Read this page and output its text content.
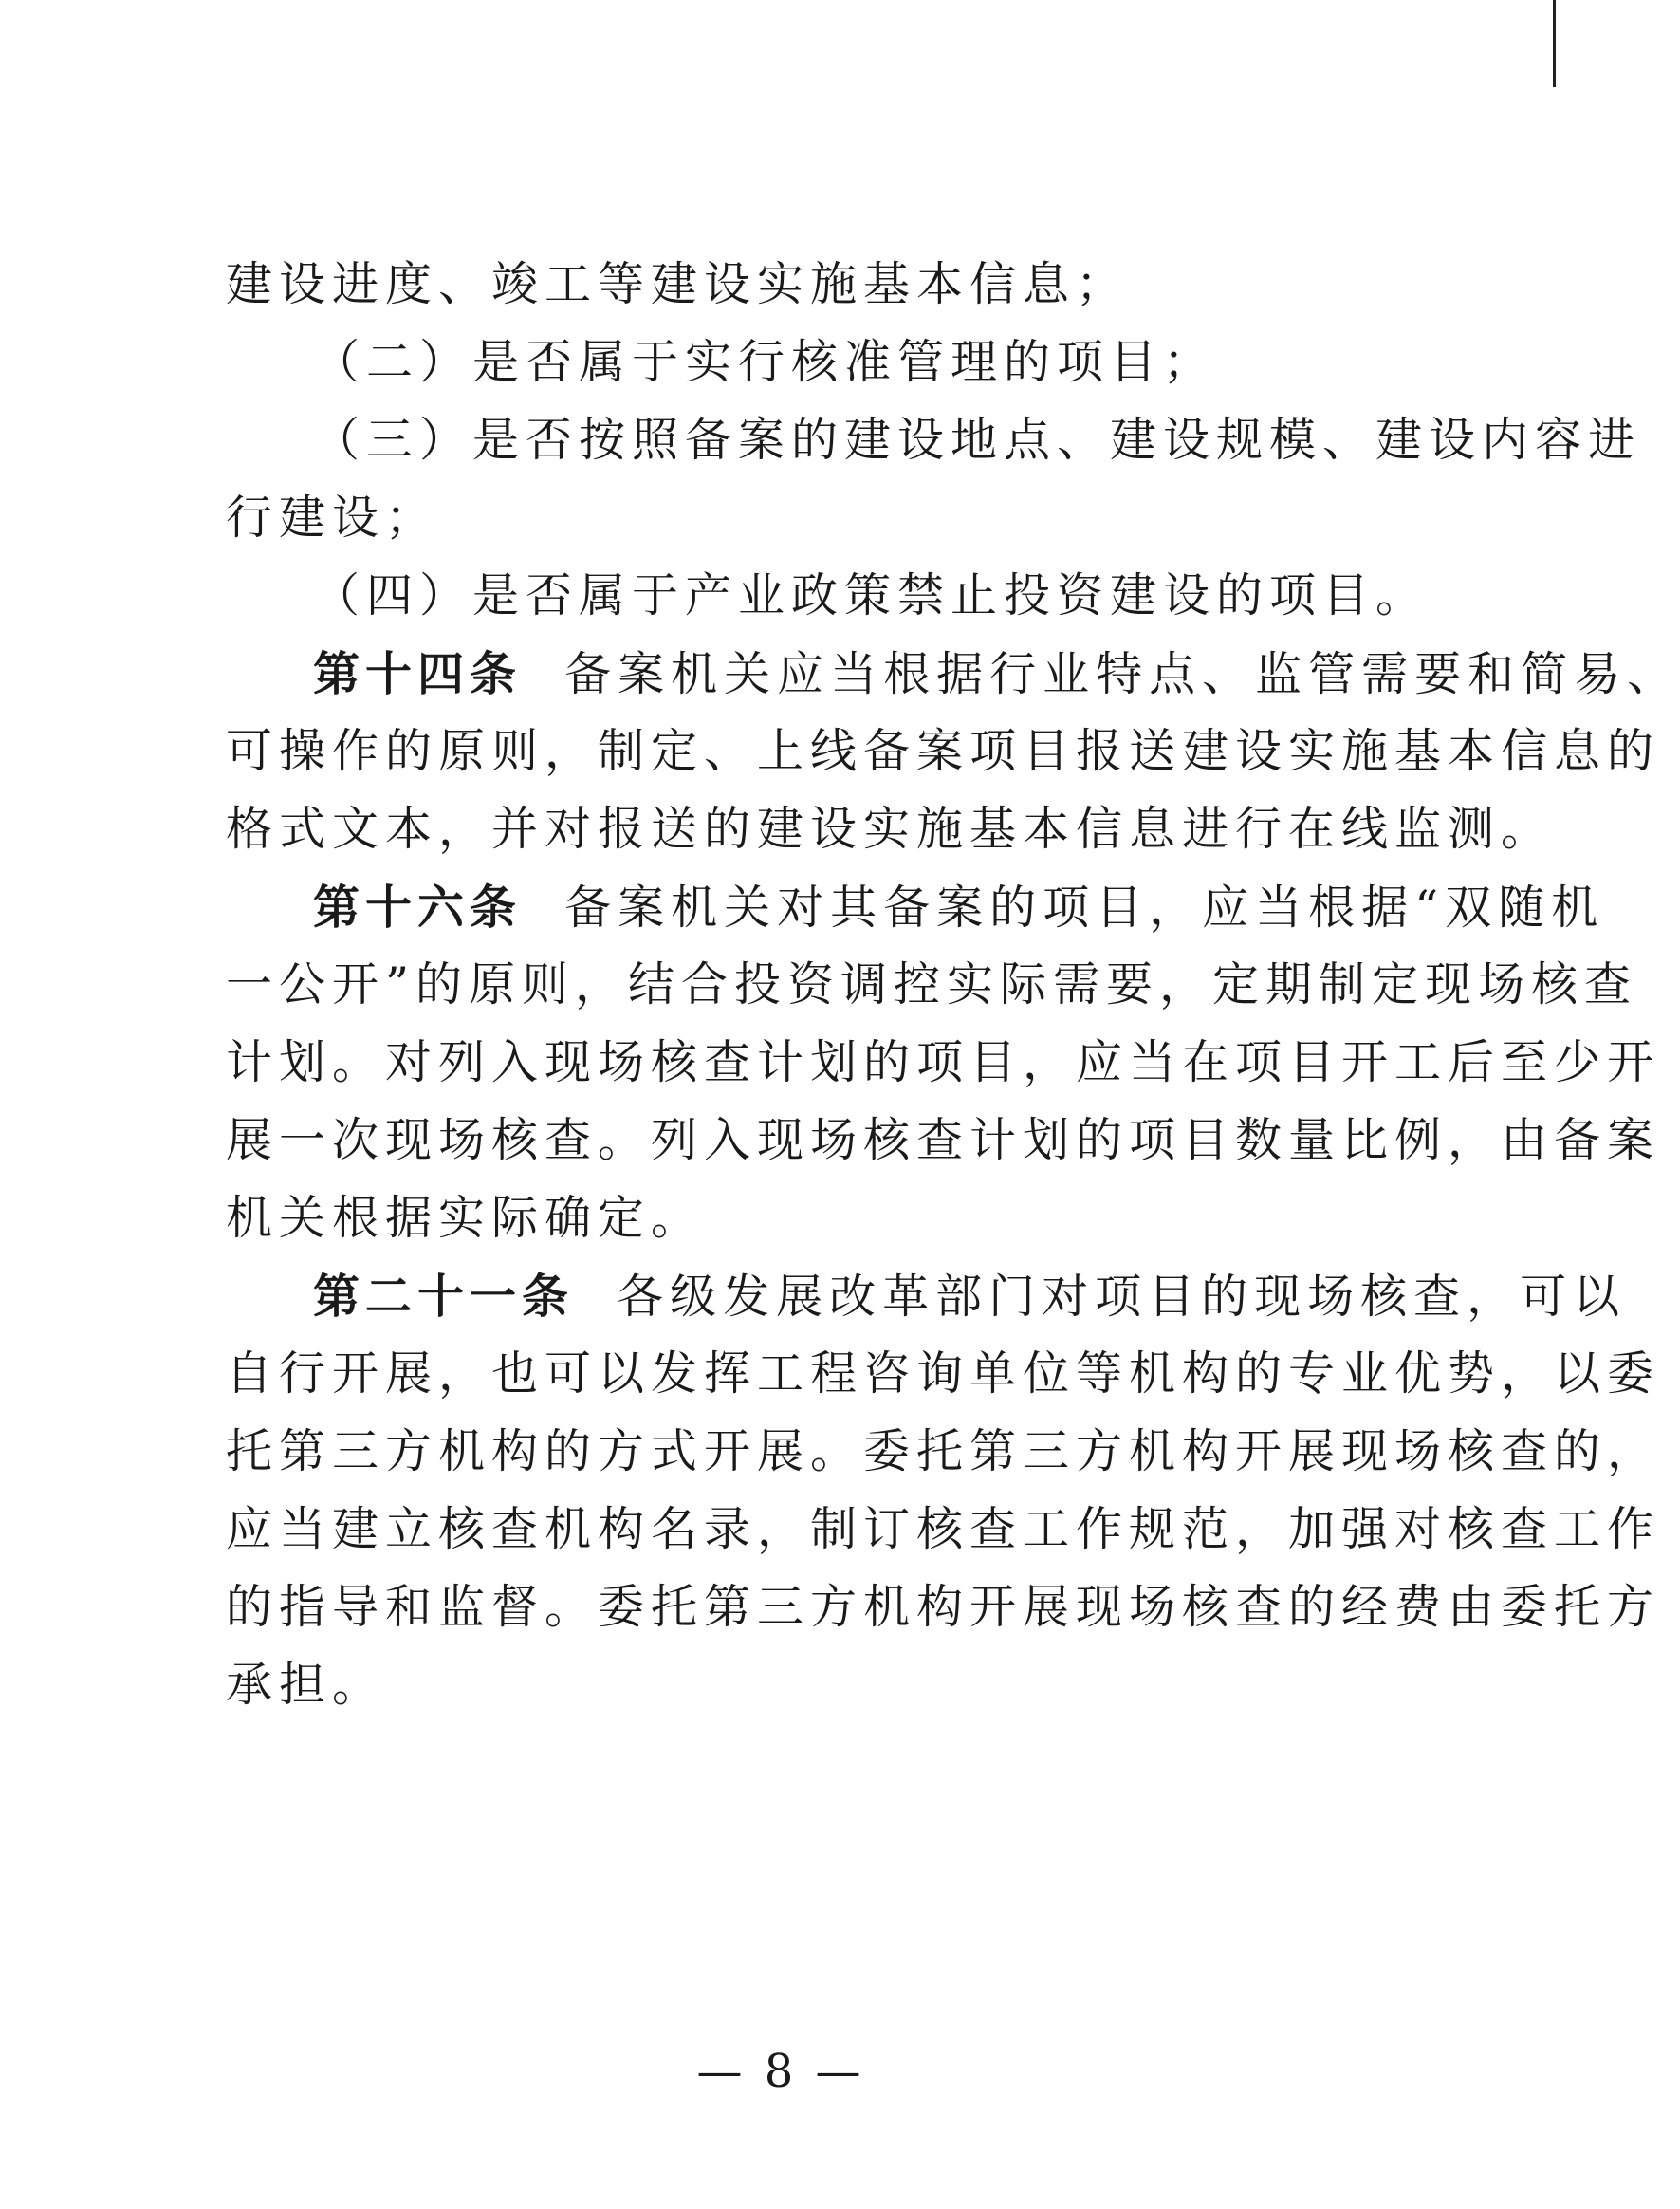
建设进度、竣工等建设实施基本信息；
（二）是否属于实行核准管理的项目；
（三）是否按照备案的建设地点、建设规模、建设内容进
行建设；
（四）是否属于产业政策禁止投资建设的项目。
第十四条 备案机关应当根据行业特点、监管需要和简易、
可操作的原则，制定、上线备案项目报送建设实施基本信息的
格式文本，并对报送的建设实施基本信息进行在线监测。
第十六条 备案机关对其备案的项目，应当根据“双随机
一公开”的原则，结合投资调控实际需要，定期制定现场核查
计划。对列入现场核查计划的项目，应当在项目开工后至少开
展一次现场核查。列入现场核查计划的项目数量比例，由备案
机关根据实际确定。
第二十一条 各级发展改革部门对项目的现场核查，可以
自行开展，也可以发挥工程咨询单位等机构的专业优势，以委
托第三方机构的方式开展。委托第三方机构开展现场核查的，
应当建立核查机构名录，制订核查工作规范，加强对核查工作
的指导和监督。委托第三方机构开展现场核查的经费由委托方
承担。
— 8 —
